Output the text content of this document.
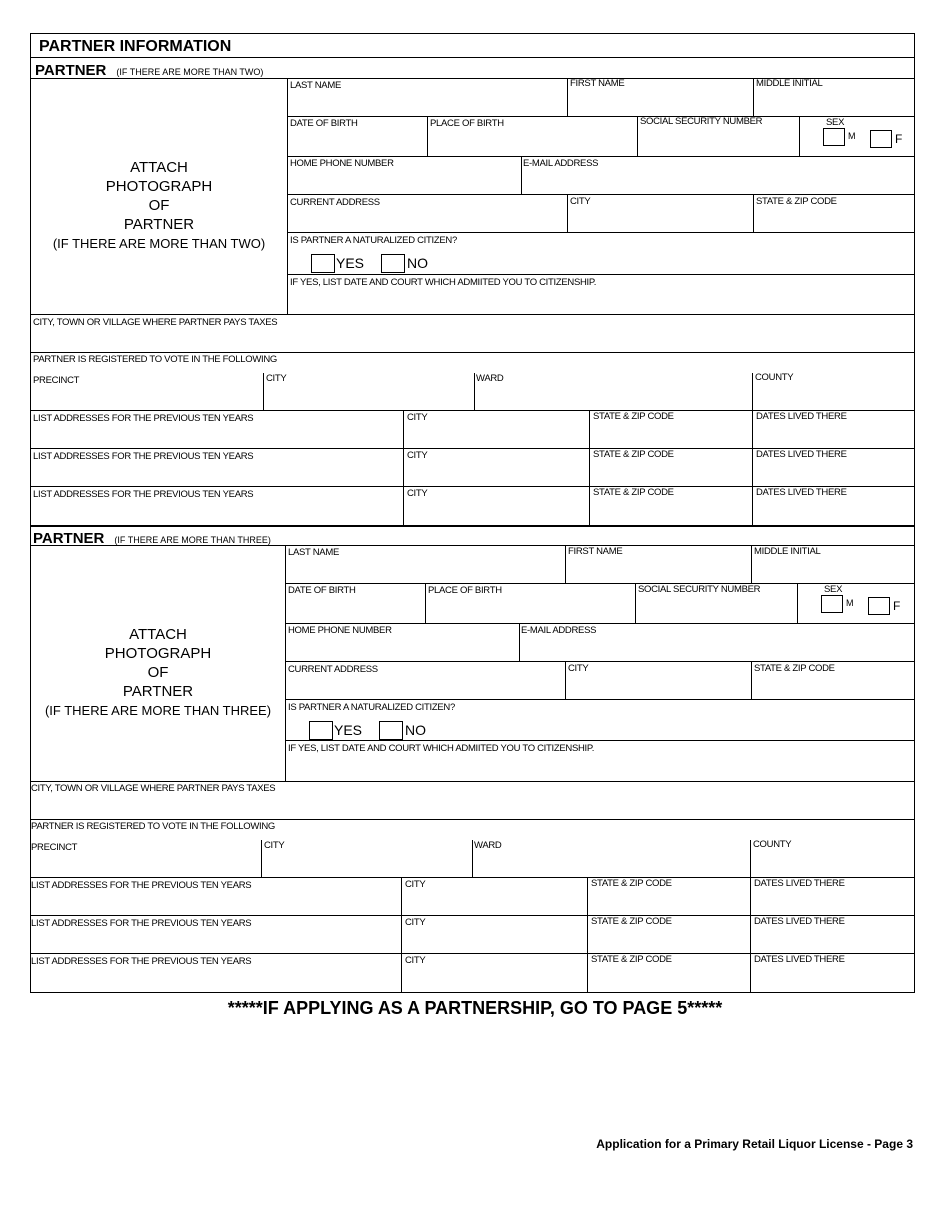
PARTNER INFORMATION
PARTNER (IF THERE ARE MORE THAN TWO)
ATTACH
PHOTOGRAPH
OF
PARTNER
(IF THERE ARE MORE THAN TWO)
LAST NAME	FIRST NAME	MIDDLE INITIAL
DATE OF BIRTH	PLACE OF BIRTH	SOCIAL SECURITY NUMBER	SEX
M	F
HOME PHONE NUMBER	E-MAIL ADDRESS
CURRENT ADDRESS	CITY	STATE & ZIP CODE
IS PARTNER A NATURALIZED CITIZEN?
YES	NO
IF YES, LIST DATE AND COURT WHICH ADMIITED YOU TO CITIZENSHIP.
CITY, TOWN OR VILLAGE WHERE PARTNER PAYS TAXES
PARTNER IS REGISTERED TO VOTE IN THE FOLLOWING
PRECINCT	CITY	WARD	COUNTY
LIST ADDRESSES FOR THE PREVIOUS TEN YEARS	CITY	STATE & ZIP CODE	DATES LIVED THERE
LIST ADDRESSES FOR THE PREVIOUS TEN YEARS	CITY	STATE & ZIP CODE	DATES LIVED THERE
LIST ADDRESSES FOR THE PREVIOUS TEN YEARS	CITY	STATE & ZIP CODE	DATES LIVED THERE
PARTNER (IF THERE ARE MORE THAN THREE)
ATTACH
PHOTOGRAPH
OF
PARTNER
(IF THERE ARE MORE THAN THREE)
LAST NAME	FIRST NAME	MIDDLE INITIAL
DATE OF BIRTH	PLACE OF BIRTH	SOCIAL SECURITY NUMBER	SEX
M	F
HOME PHONE NUMBER	E-MAIL ADDRESS
CURRENT ADDRESS	CITY	STATE & ZIP CODE
IS PARTNER A NATURALIZED CITIZEN?
YES	NO
IF YES, LIST DATE AND COURT WHICH ADMIITED YOU TO CITIZENSHIP.
CITY, TOWN OR VILLAGE WHERE PARTNER PAYS TAXES
PARTNER IS REGISTERED TO VOTE IN THE FOLLOWING
PRECINCT	CITY	WARD	COUNTY
LIST ADDRESSES FOR THE PREVIOUS TEN YEARS	CITY	STATE & ZIP CODE	DATES LIVED THERE
LIST ADDRESSES FOR THE PREVIOUS TEN YEARS	CITY	STATE & ZIP CODE	DATES LIVED THERE
LIST ADDRESSES FOR THE PREVIOUS TEN YEARS	CITY	STATE & ZIP CODE	DATES LIVED THERE
*****IF APPLYING AS A PARTNERSHIP, GO TO PAGE 5*****
Application for a Primary Retail Liquor License - Page 3
